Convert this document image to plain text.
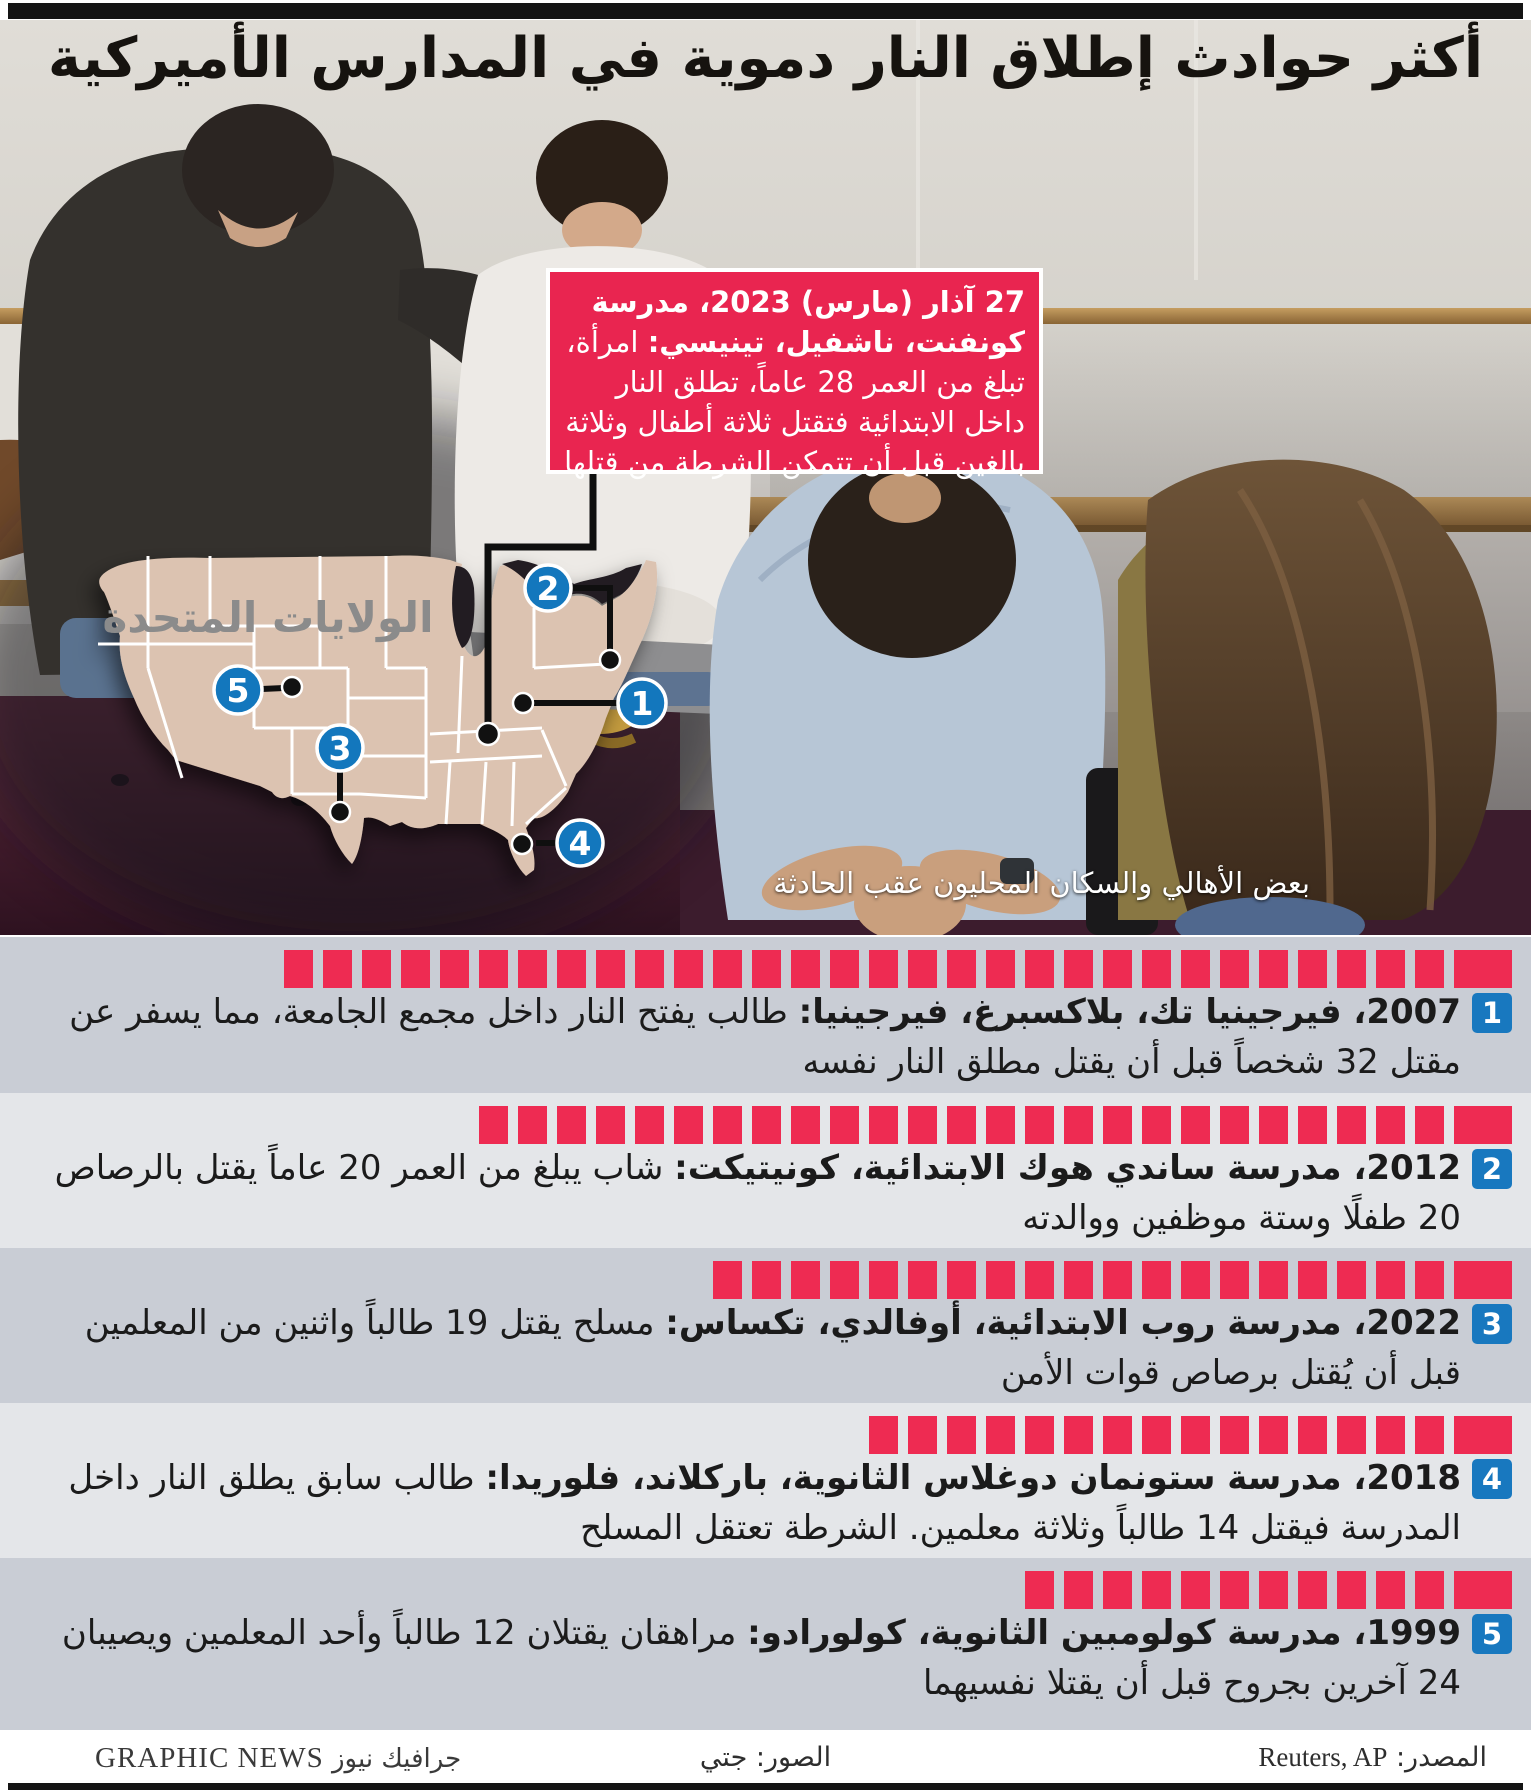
الولايات المتحدة
2
1
5
3
4
أكثر حوادث إطلاق النار دموية في المدارس الأميركية
27 آذار (مارس) 2023، مدرسة كونفنت، ناشفيل، تينيسي: امرأة، تبلغ من العمر 28 عاماً، تطلق النار داخل الابتدائية فتقتل ثلاثة أطفال وثلاثة بالغين قبل أن تتمكن الشرطة من قتلها
بعض الأهالي والسكان المحليون عقب الحادثة
1

2007، فيرجينيا تك، بلاكسبرغ، فيرجينيا: طالب يفتح النار داخل مجمع الجامعة، مما يسفر عن مقتل 32 شخصاً قبل أن يقتل مطلق النار نفسه

2

2012، مدرسة ساندي هوك الابتدائية، كونيتيكت: شاب يبلغ من العمر 20 عاماً يقتل بالرصاص 20 طفلًا وستة موظفين ووالدته

3

2022، مدرسة روب الابتدائية، أوفالدي، تكساس: مسلح يقتل 19 طالباً واثنين من المعلمين قبل أن يُقتل برصاص قوات الأمن

4

2018، مدرسة ستونمان دوغلاس الثانوية، باركلاند، فلوريدا: طالب سابق يطلق النار داخل المدرسة فيقتل 14 طالباً وثلاثة معلمين. الشرطة تعتقل المسلح

5

1999، مدرسة كولومبين الثانوية، كولورادو: مراهقان يقتلان 12 طالباً وأحد المعلمين ويصيبان 24 آخرين بجروح قبل أن يقتلا نفسيهما

المصدر: Reuters, AP
الصور: جتي
جرافيك نيوز GRAPHIC NEWS
